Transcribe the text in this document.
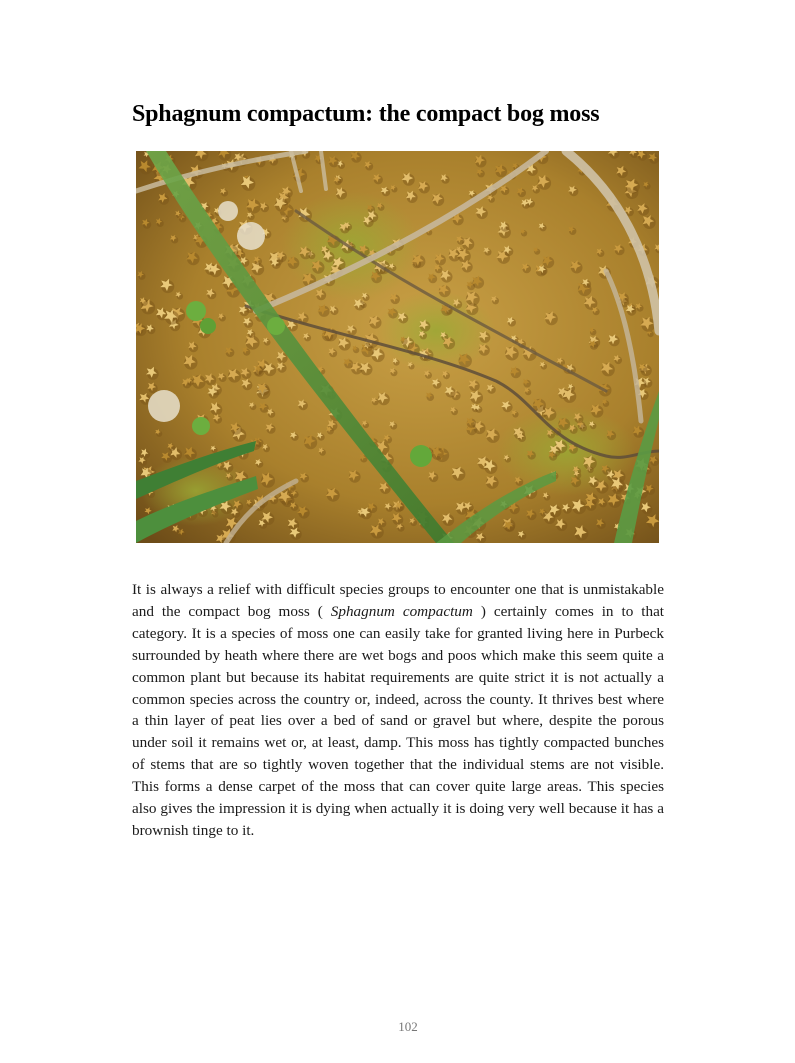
Sphagnum compactum: the compact bog moss

It is always a relief with difficult species groups to encounter one that is unmistakable and the compact bog moss ( Sphagnum compactum ) certainly comes in to that category. It is a species of moss one can easily take for granted living here in Purbeck surrounded by heath where there are wet bogs and poos which make this seem quite a common plant but because its habitat requirements are quite strict it is not actually a common species across the country or, indeed, across the county. It thrives best where a thin layer of peat lies over a bed of sand or gravel but where, despite the porous under soil it remains wet or, at least, damp. This moss has tightly compacted bunches of stems that are so tightly woven together that the individual stems are not visible. This forms a dense carpet of the moss that can cover quite large areas. This species also gives the impression it is dying when actually it is doing very well because it has a brownish tinge to it.

102
